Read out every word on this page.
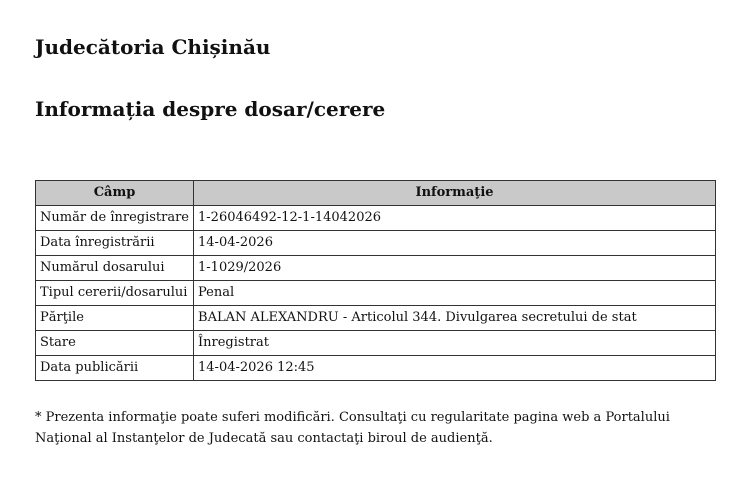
Judecătoria Chișinău
Informația despre dosar/cerere
Câmp	Informaţie
Număr de înregistrare	1-26046492-12-1-14042026
Data înregistrării	14-04-2026
Numărul dosarului	1-1029/2026
Tipul cererii/dosarului	Penal
Părţile	BALAN ALEXANDRU - Articolul 344. Divulgarea secretului de stat
Stare	Înregistrat
Data publicării	14-04-2026 12:45

* Prezenta informaţie poate suferi modificări. Consultaţi cu regularitate pagina web a Portalului Naţional al Instanţelor de Judecată sau contactaţi biroul de audienţă.
